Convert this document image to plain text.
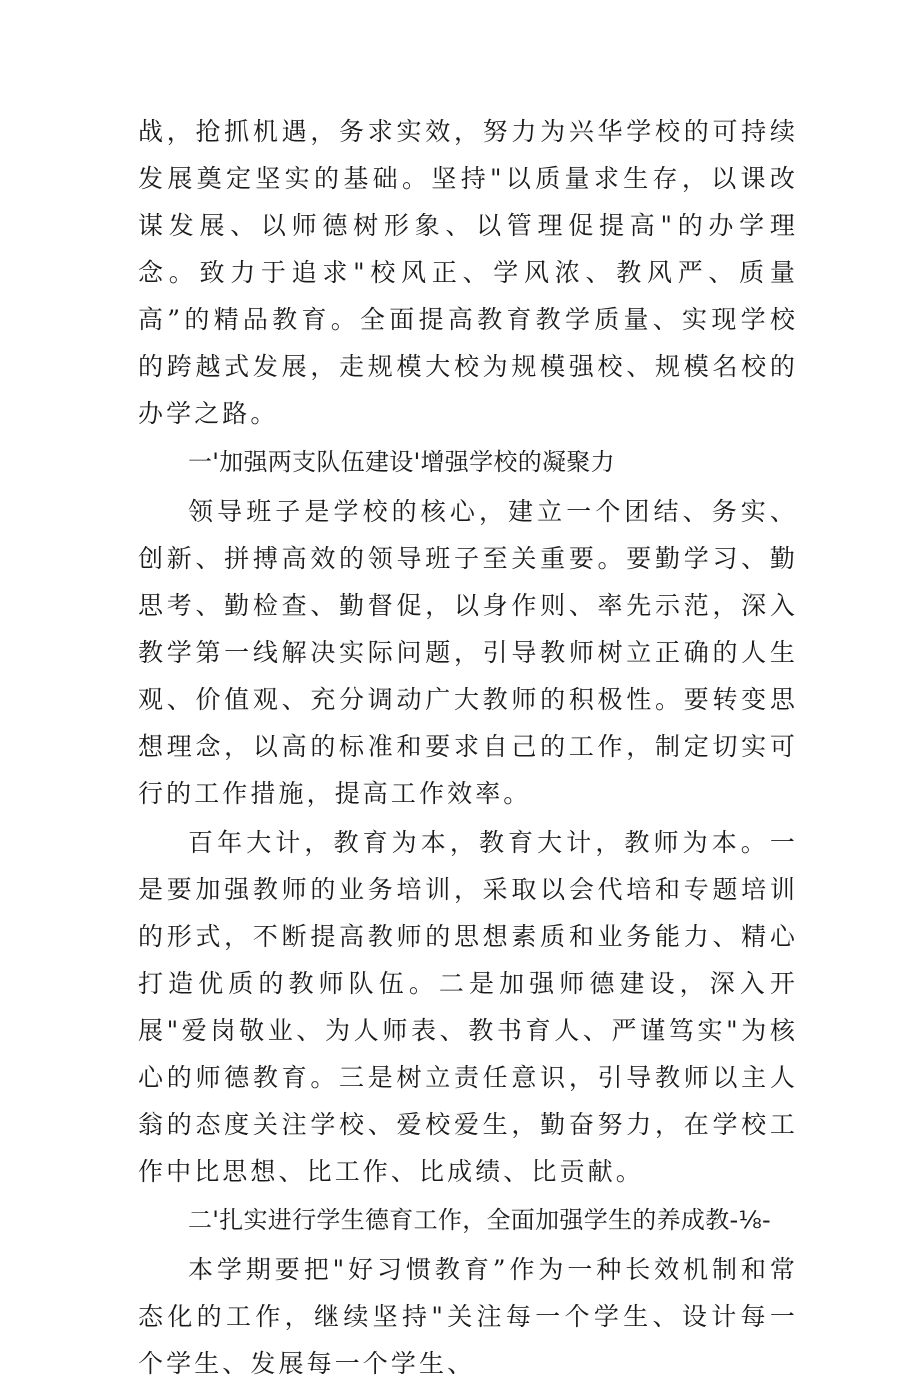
战，抢抓机遇，务求实效，努力为兴华学校的可持续发展奠定坚实的基础。坚持"以质量求生存，以课改谋发展、以师德树形象、以管理促提高"的办学理念。致力于追求"校风正、学风浓、教风严、质量高”的精品教育。全面提高教育教学质量、实现学校的跨越式发展，走规模大校为规模强校、规模名校的办学之路。

一'加强两支队伍建设'增强学校的凝聚力

领导班子是学校的核心，建立一个团结、务实、创新、拼搏高效的领导班子至关重要。要勤学习、勤思考、勤检查、勤督促，以身作则、率先示范，深入教学第一线解决实际问题，引导教师树立正确的人生观、价值观、充分调动广大教师的积极性。要转变思想理念，以高的标准和要求自己的工作，制定切实可行的工作措施，提高工作效率。

百年大计，教育为本，教育大计，教师为本。一是要加强教师的业务培训，采取以会代培和专题培训的形式，不断提高教师的思想素质和业务能力、精心打造优质的教师队伍。二是加强师德建设，深入开展"爱岗敬业、为人师表、教书育人、严谨笃实"为核心的师德教育。三是树立责任意识，引导教师以主人翁的态度关注学校、爱校爱生，勤奋努力，在学校工作中比思想、比工作、比成绩、比贡献。

二'扎实进行学生德育工作，全面加强学生的养成教-⅛-

本学期要把"好习惯教育”作为一种长效机制和常态化的工作，继续坚持"关注每一个学生、设计每一个学生、发展每一个学生、
